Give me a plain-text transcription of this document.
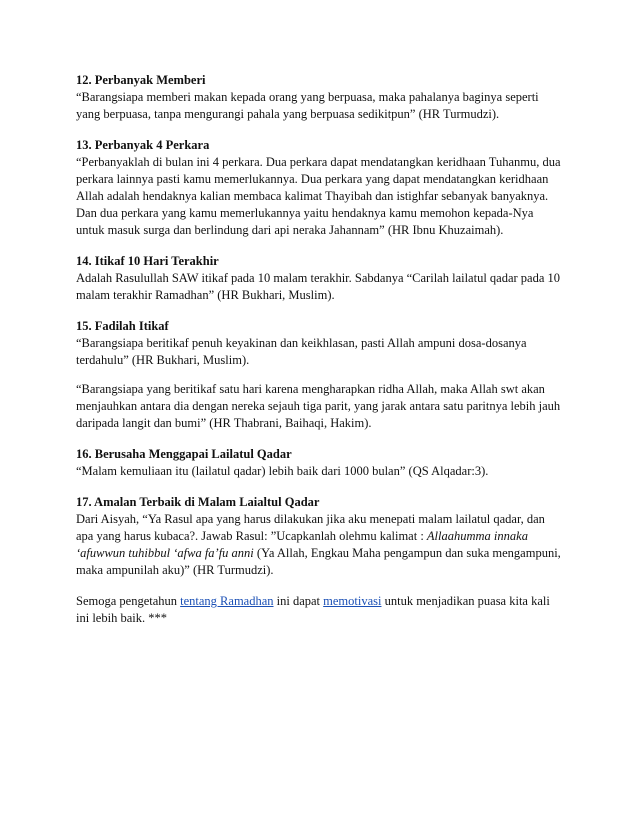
12. Perbanyak Memberi

“Barangsiapa memberi makan kepada orang yang berpuasa, maka pahalanya baginya seperti
yang berpuasa, tanpa mengurangi pahala yang berpuasa sedikitpun” (HR Turmudzi).

13. Perbanyak 4 Perkara

“Perbanyaklah di bulan ini 4 perkara. Dua perkara dapat mendatangkan keridhaan Tuhanmu, dua
perkara lainnya pasti kamu memerlukannya. Dua perkara yang dapat mendatangkan keridhaan
Allah adalah hendaknya kalian membaca kalimat Thayibah dan istighfar sebanyak banyaknya.
Dan dua perkara yang kamu memerlukannya yaitu hendaknya kamu memohon kepada-Nya
untuk masuk surga dan berlindung dari api neraka Jahannam” (HR Ibnu Khuzaimah).

14. Itikaf 10 Hari Terakhir

Adalah Rasulullah SAW itikaf pada 10 malam terakhir. Sabdanya “Carilah lailatul qadar pada 10
malam terakhir Ramadhan” (HR Bukhari, Muslim).

15. Fadilah Itikaf

“Barangsiapa beritikaf penuh keyakinan dan keikhlasan, pasti Allah ampuni dosa-dosanya
terdahulu” (HR Bukhari, Muslim).

“Barangsiapa yang beritikaf satu hari karena mengharapkan ridha Allah, maka Allah swt akan
menjauhkan antara dia dengan nereka sejauh tiga parit, yang jarak antara satu paritnya lebih jauh
daripada langit dan bumi” (HR Thabrani, Baihaqi, Hakim).

16. Berusaha Menggapai Lailatul Qadar

“Malam kemuliaan itu (lailatul qadar) lebih baik dari 1000 bulan” (QS Alqadar:3).

17. Amalan Terbaik di Malam Laialtul Qadar

Dari Aisyah, “Ya Rasul apa yang harus dilakukan jika aku menepati malam lailatul qadar, dan
apa yang harus kubaca?. Jawab Rasul: ”Ucapkanlah olehmu kalimat : Allaahumma innaka
‘afuwwun tuhibbul ‘afwa fa’fu anni (Ya Allah, Engkau Maha pengampun dan suka mengampuni,
maka ampunilah aku)” (HR Turmudzi).

Semoga pengetahun tentang Ramadhan ini dapat memotivasi untuk menjadikan puasa kita kali
ini lebih baik. ***
